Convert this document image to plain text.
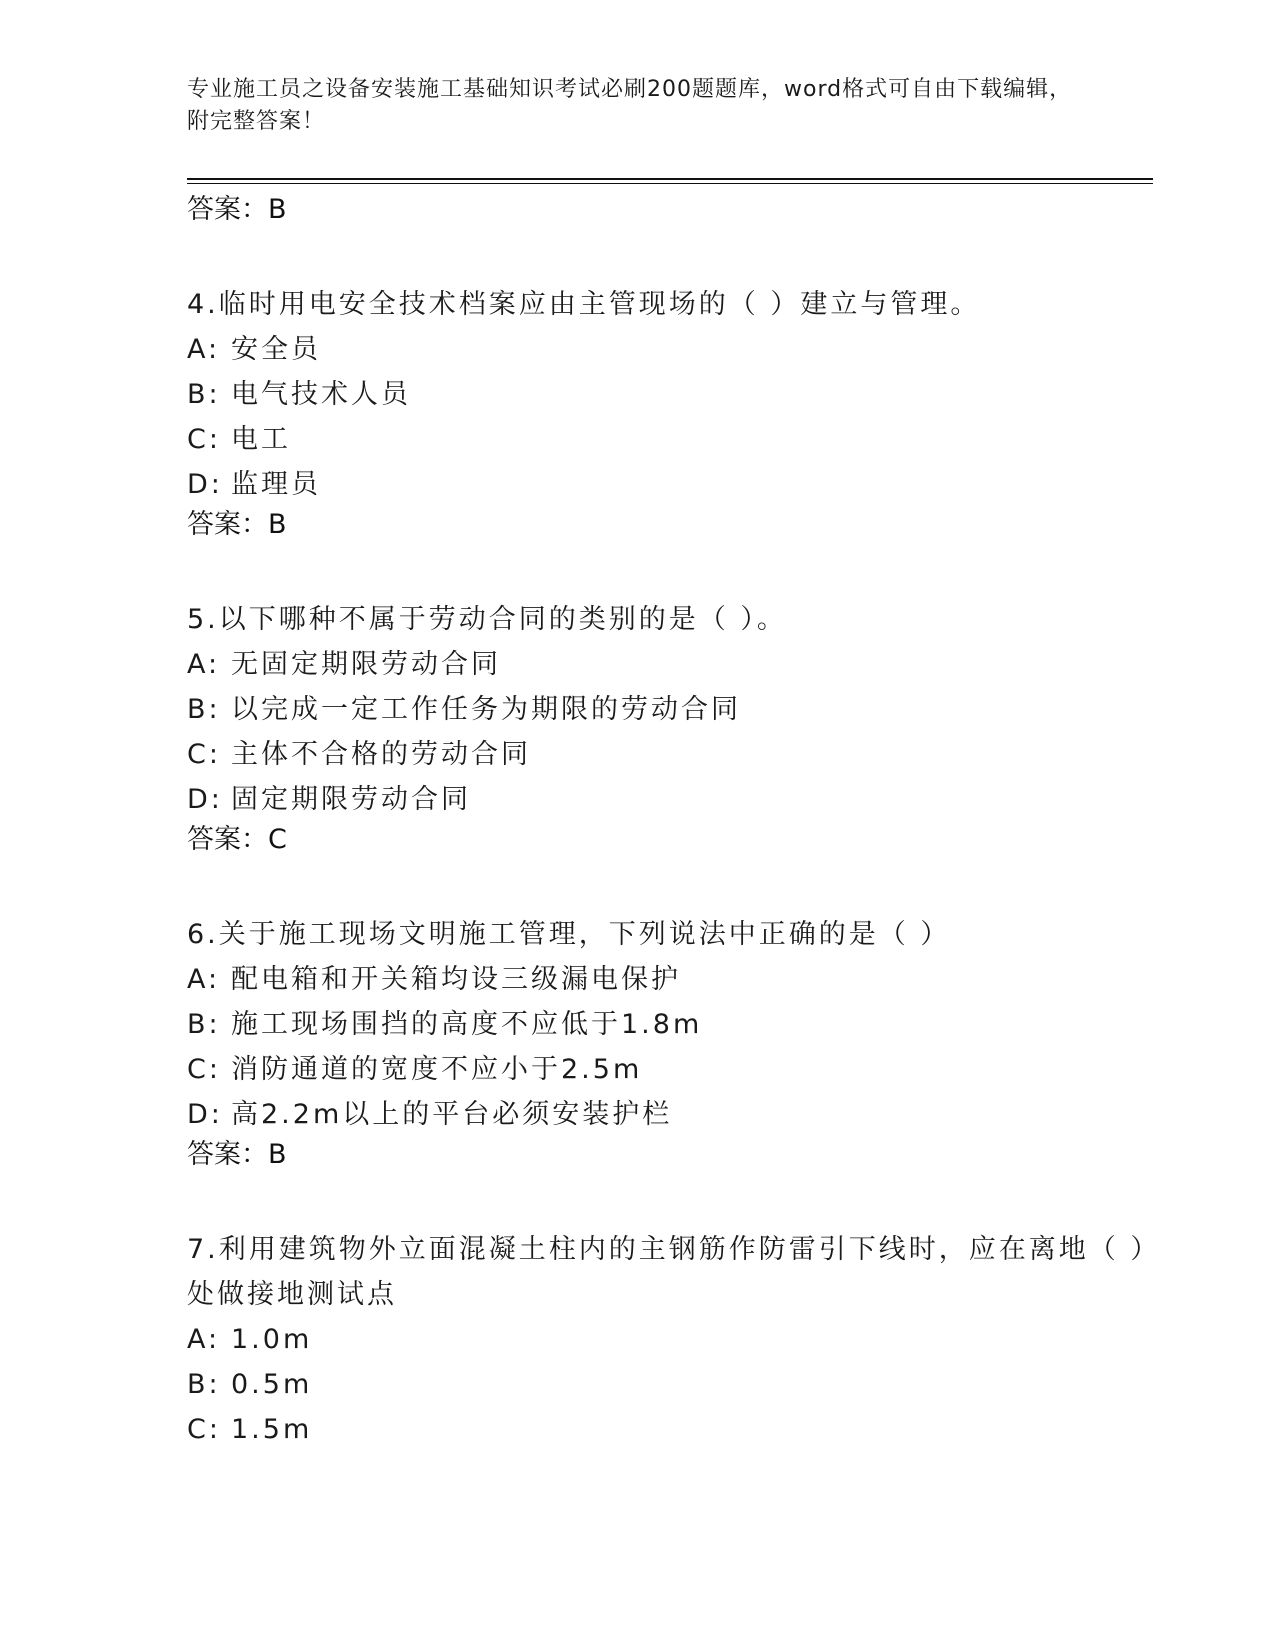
专业施工员之设备安装施工基础知识考试必刷200题题库，word格式可自由下载编辑，附完整答案！
答案：B
4.临时用电安全技术档案应由主管现场的（ ）建立与管理。
A: 安全员
B: 电气技术人员
C: 电工
D: 监理员
答案：B
5.以下哪种不属于劳动合同的类别的是（ ）。
A: 无固定期限劳动合同
B: 以完成一定工作任务为期限的劳动合同
C: 主体不合格的劳动合同
D: 固定期限劳动合同
答案：C
6.关于施工现场文明施工管理，下列说法中正确的是（ ）
A: 配电箱和开关箱均设三级漏电保护
B: 施工现场围挡的高度不应低于1.8m
C: 消防通道的宽度不应小于2.5m
D: 高2.2m以上的平台必须安装护栏
答案：B
7.利用建筑物外立面混凝土柱内的主钢筋作防雷引下线时，应在离地（ ）处做接地测试点
A: 1.0m
B: 0.5m
C: 1.5m
